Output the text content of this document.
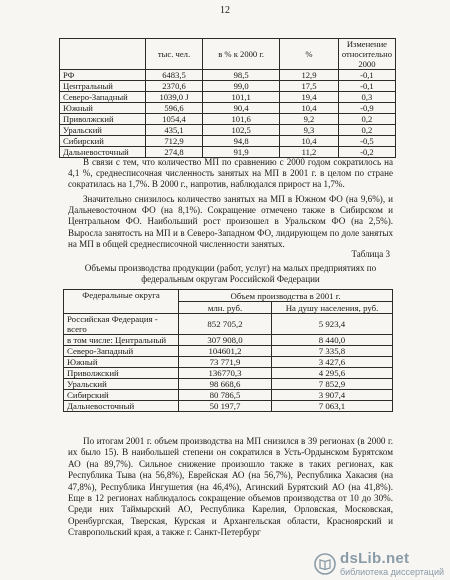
12
	тыс. чел.	в % к 2000 г.	%	Изменение относительно 2000
РФ	6483,5	98,5	12,9	-0,1
Центральный	2370,6	99,0	17,5	-0,1
Северо-Западный	1039,0 J	101,1	19,4	0,3
Южный	596,6	90,4	10,4	-0,9
Приволжский	1054,4	101,6	9,2	0,2
Уральский	435,1	102,5	9,3	0,2
Сибирский	712,9	94,8	10,4	-0,5
Дальневосточный	274,8	91,9	11,2	-0,2

В связи с тем, что количество МП по сравнению с 2000 годом сократилось на 4,1 %, среднесписочная численность занятых на МП в 2001 г. в целом по стране сократилась на 1,7%. В 2000 г., напротив, наблюдался прирост на 1,7%.

Значительно снизилось количество занятых на МП в Южном ФО (на 9,6%), и Дальневосточном ФО (на 8,1%). Сокращение отмечено также в Сибирском и Центральном ФО. Наибольший рост произошел в Уральском ФО (на 2,5%). Выросла занятость на МП и в Северо-Западном ФО, лидирующем по доле занятых на МП в общей среднесписочной численности занятых.

Таблица 3

Объемы производства продукции (работ, услуг) на малых предприятиях по федеральным округам Российской Федерации

Федеральные округа	Объем производства в 2001 г.	
	млн. руб.	На душу населения, руб.
Российская Федерация - всего	852 705,2	5 923,4
в том числе: Центральный	307 908,0	8 440,0
Северо-Западный	104601,2	7 335,8
Южный	73 771,9	3 427,6
Приволжский	136770,3	4 295,6
Уральский	98 668,6	7 852,9
Сибирский	80 786,5	3 907,4
Дальневосточный	50 197,7	7 063,1

По итогам 2001 г. объем производства на МП снизился в 39 регионах (в 2000 г. их было 15). В наибольшей степени он сократился в Усть-Ордынском Бурятском АО (на 89,7%). Сильное снижение произошло также в таких регионах, как Республика Тыва (на 56,8%), Еврейская АО (на 56,7%), Республика Хакасия (на 47,8%), Республика Ингушетия (на 46,4%), Агинский Бурятский АО (на 41,8%). Еще в 12 регионах наблюдалось сокращение объемов производства от 10 до 30%. Среди них Таймырский АО, Республика Карелия, Орловская, Московская, Оренбургская, Тверская, Курская и Архангельская области, Красноярский и Ставропольский края, а также г. Санкт-Петербург

dsLib.net
библиотека диссертаций
